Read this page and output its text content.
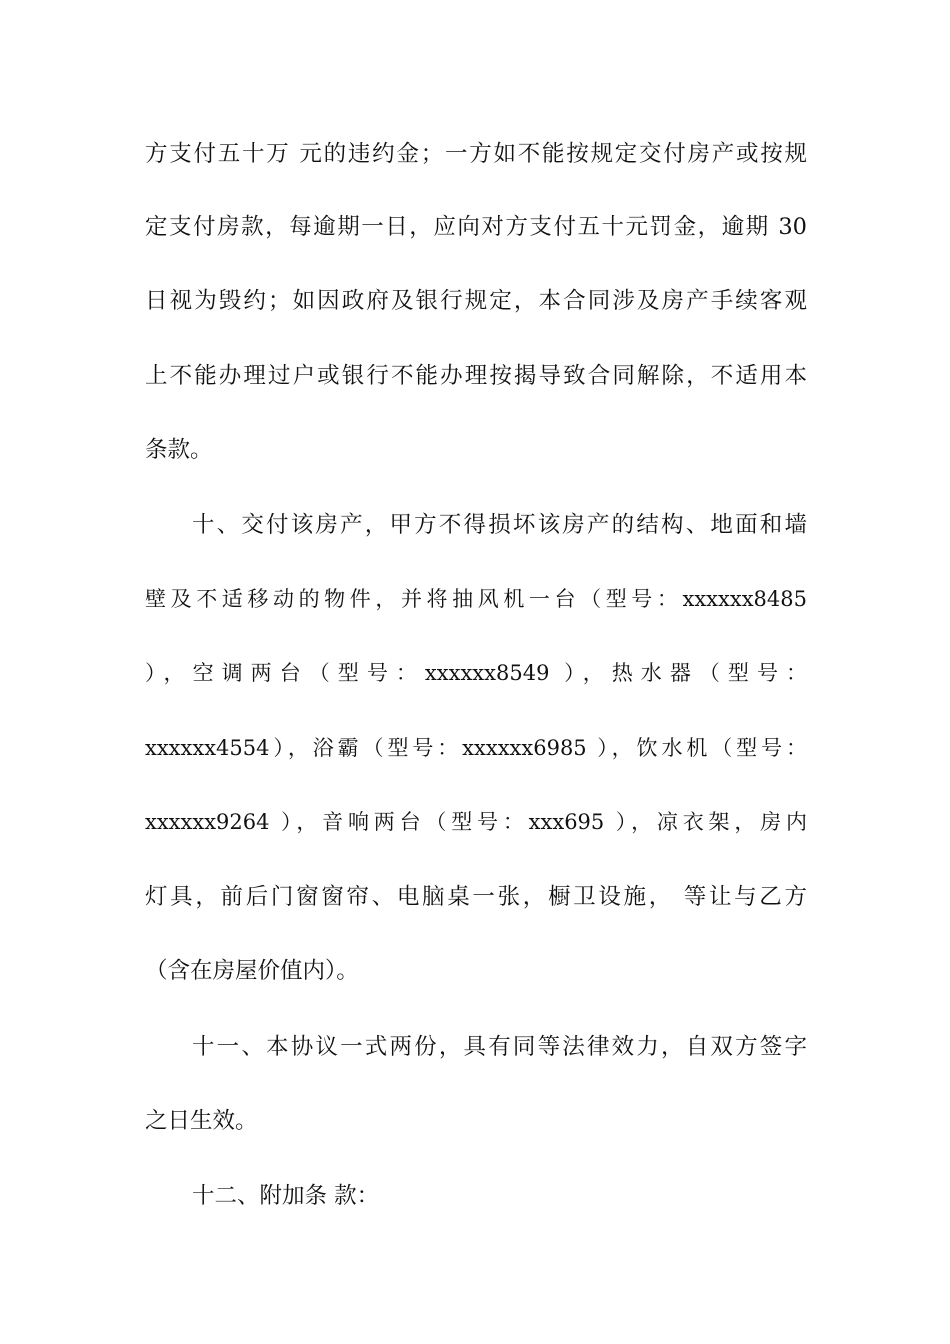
方支付五十万 元的违约金；一方如不能按规定交付房产或按规
定支付房款，每逾期一日，应向对方支付五十元罚金，逾期 30
日视为毁约；如因政府及银行规定，本合同涉及房产手续客观
上不能办理过户或银行不能办理按揭导致合同解除，不适用本
条款。
十、交付该房产，甲方不得损坏该房产的结构、地面和墙
壁及不适移动的物件，并将抽风机一台（型号：xxxxxx8485
），空调两台（型号：xxxxxx8549 ），热水器（型号：
xxxxxx4554），浴霸（型号：xxxxxx6985 ），饮水机（型号：
xxxxxx9264 ），音响两台（型号：xxx695 ），凉衣架，房内
灯具，前后门窗窗帘、电脑桌一张，橱卫设施， 等让与乙方
（含在房屋价值内）。
十一、本协议一式两份，具有同等法律效力，自双方签字
之日生效。
十二、附加条 款：
